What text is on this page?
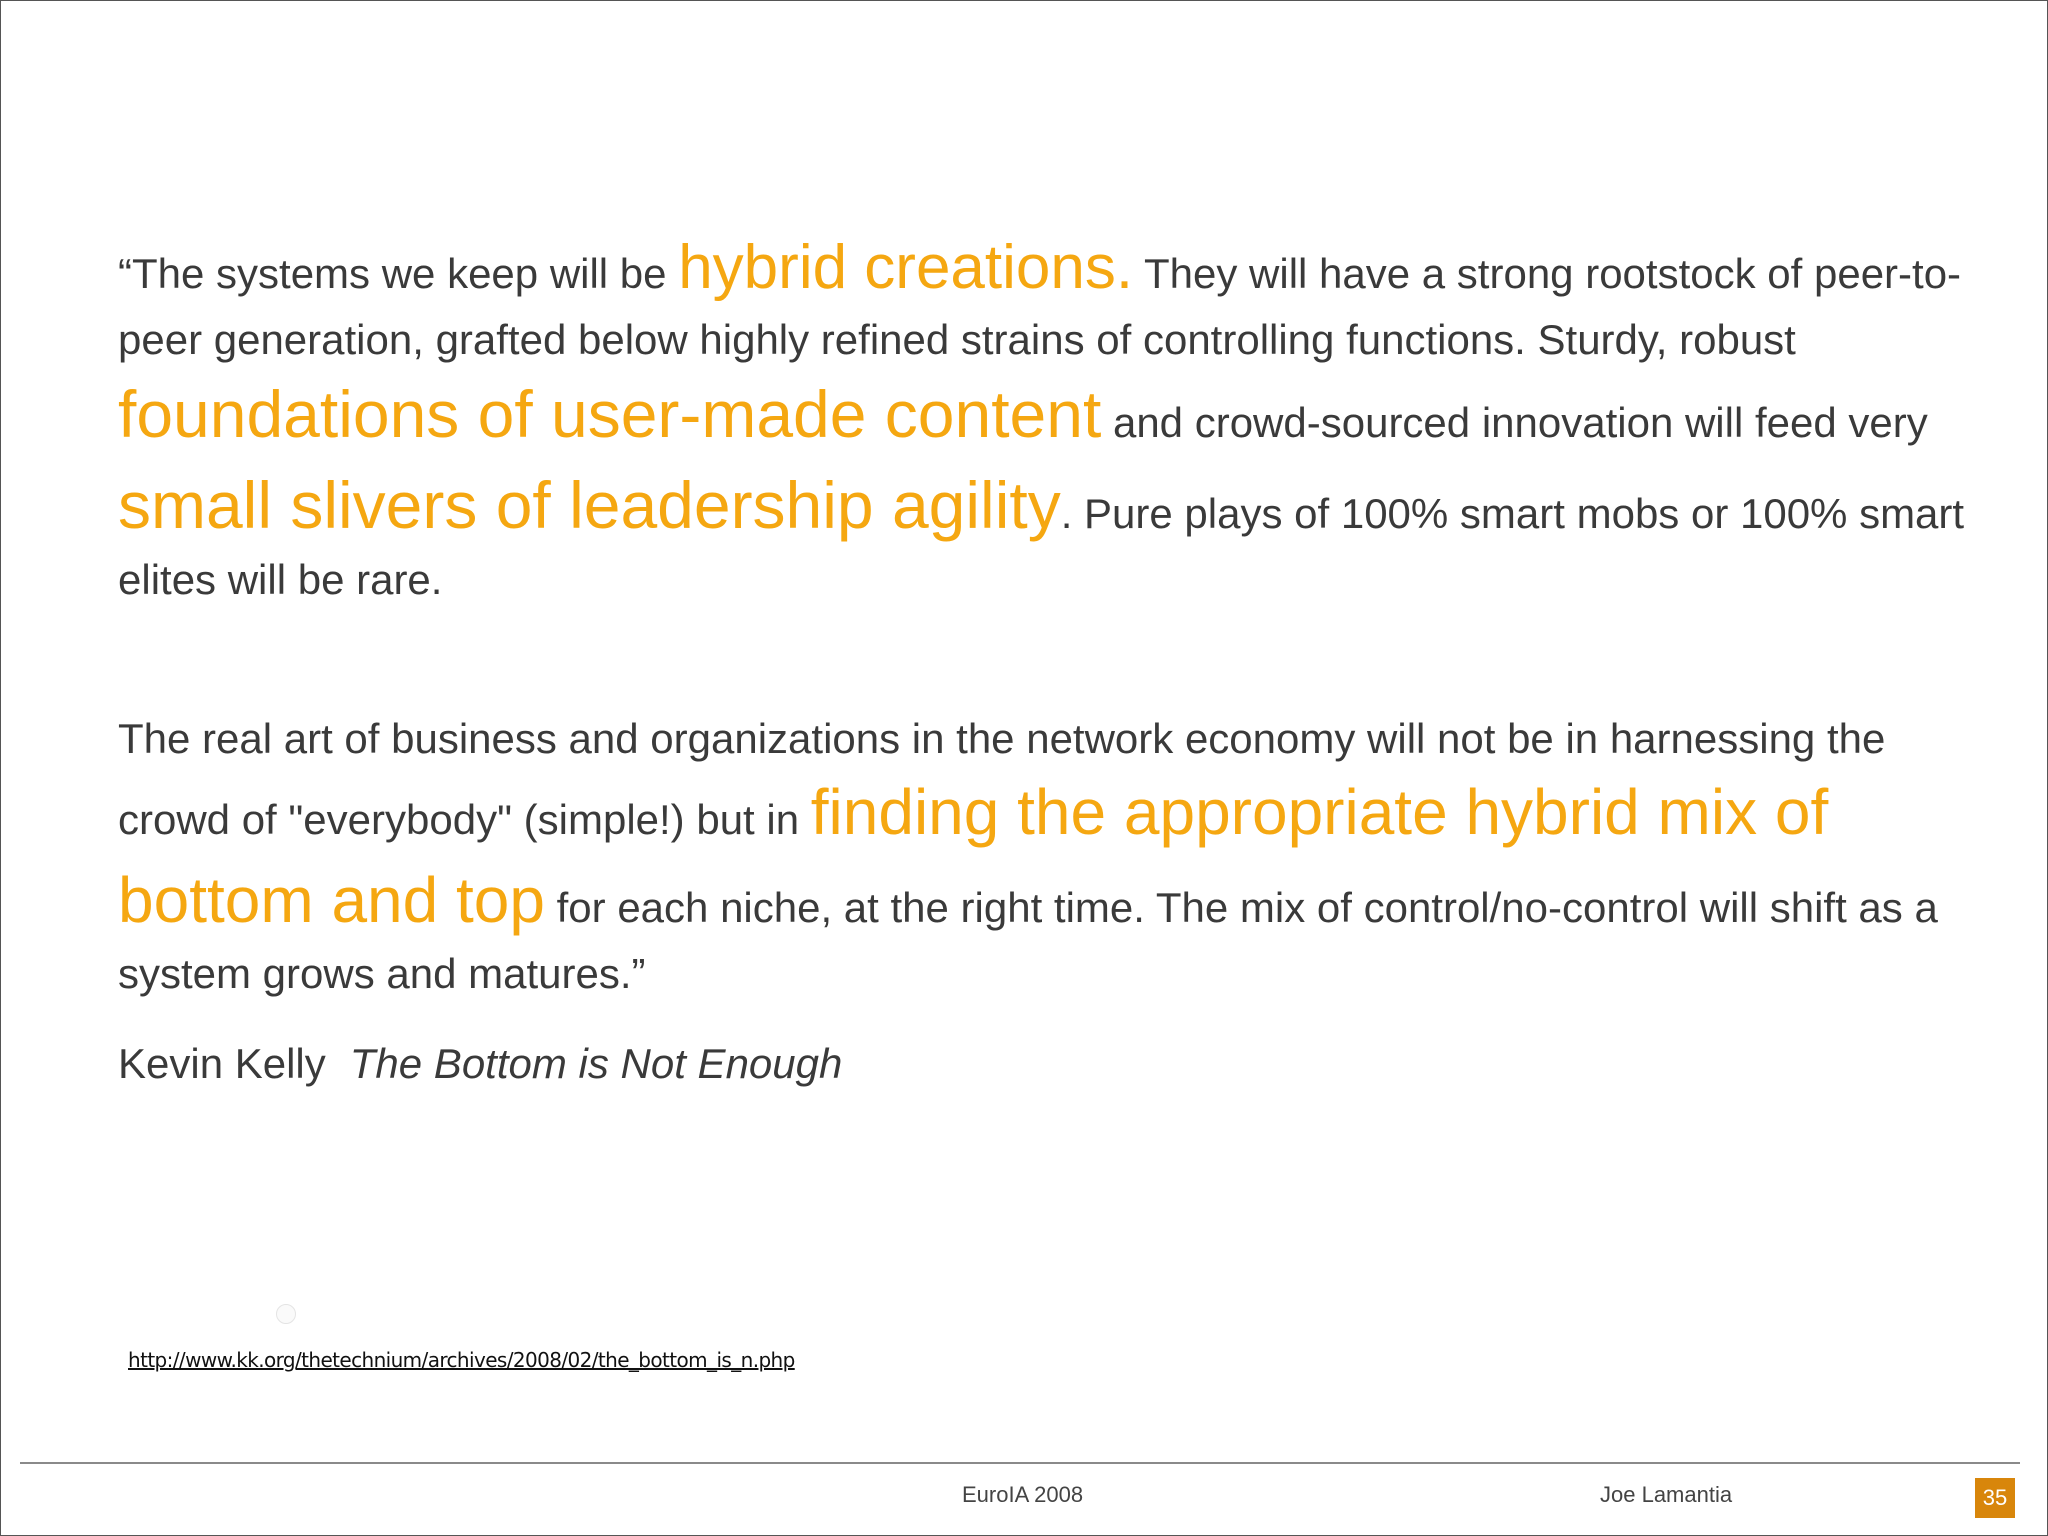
“The systems we keep will be hybrid creations. They will have a strong rootstock of peer-to-peer generation, grafted below highly refined strains of controlling functions. Sturdy, robust foundations of user-made content and crowd-sourced innovation will feed very small slivers of leadership agility. Pure plays of 100% smart mobs or 100% smart elites will be rare.
The real art of business and organizations in the network economy will not be in harnessing the crowd of "everybody" (simple!) but in finding the appropriate hybrid mix of bottom and top for each niche, at the right time. The mix of control/no-control will shift as a system grows and matures.”
Kevin Kelly The Bottom is Not Enough
http://www.kk.org/thetechnium/archives/2008/02/the_bottom_is_n.php
EuroIA 2008	Joe Lamantia	35
